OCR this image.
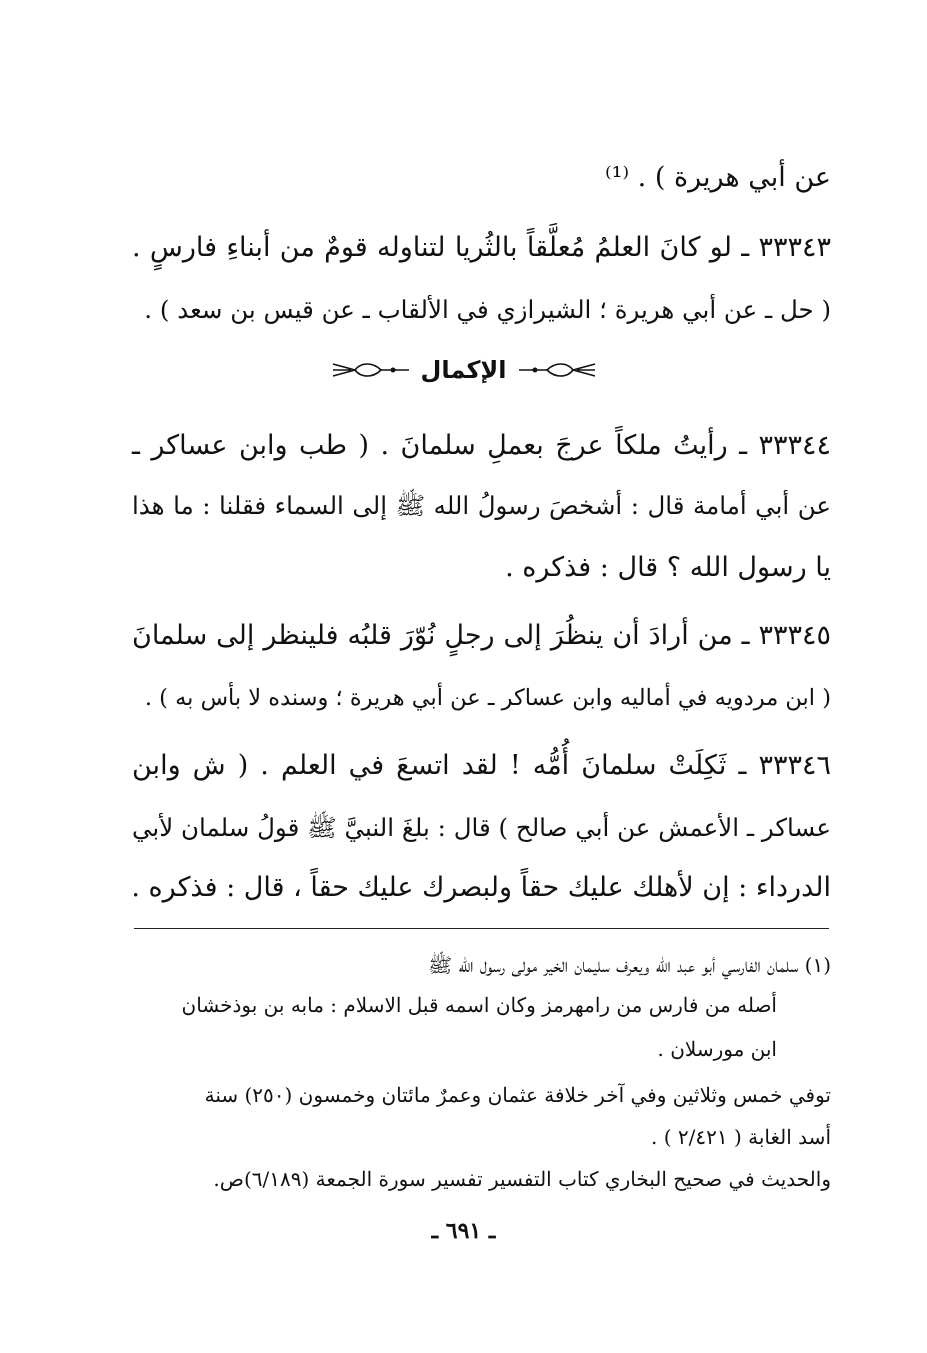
عن أبي هريرة ) . ⁽¹⁾
٣٣٣٤٣ ـ لو كانَ العلمُ مُعلَّقاً بالثُريا لتناوله قومٌ من أبناءِ فارسٍ .
( حل ـ عن أبي هريرة ؛ الشيرازي في الألقاب ـ عن قيس بن سعد ) .
الإكمال
٣٣٣٤٤ ـ رأيتُ ملكاً عرجَ بعملِ سلمانَ . ( طب وابن عساكر ـ
عن أبي أمامة قال : أشخصَ رسولُ الله ﷺ إلى السماء فقلنا : ما هذا
يا رسول الله ؟ قال : فذكره .
٣٣٣٤٥ ـ من أرادَ أن ينظُرَ إلى رجلٍ نُوّرَ قلبُه فلينظر إلى سلمانَ
( ابن مردويه في أماليه وابن عساكر ـ عن أبي هريرة ؛ وسنده لا بأس به ) .
٣٣٣٤٦ ـ ثَكِلَتْ سلمانَ أُمُّه ! لقد اتسعَ في العلم . ( ش وابن
عساكر ـ الأعمش عن أبي صالح ) قال : بلغَ النبيَّ ﷺ قولُ سلمان لأبي
الدرداء : إن لأهلك عليك حقاً ولبصرك عليك حقاً ، قال : فذكره .
(١) سلمان الفارسي أبو عبد الله ويعرف سليمان الخير مولى رسول الله ﷺ
أصله من فارس من رامهرمز وكان اسمه قبل الاسلام : مابه بن بوذخشان
ابن مورسلان .
توفي خمس وثلاثين وفي آخر خلافة عثمان وعمرٌ مائتان وخمسون (٢٥٠) سنة
أسد الغابة ( ٢/٤٢١ ) .
والحديث في صحيح البخاري كتاب التفسير تفسير سورة الجمعة (٦/١٨٩)ص.
ـ ٦٩١ ـ
